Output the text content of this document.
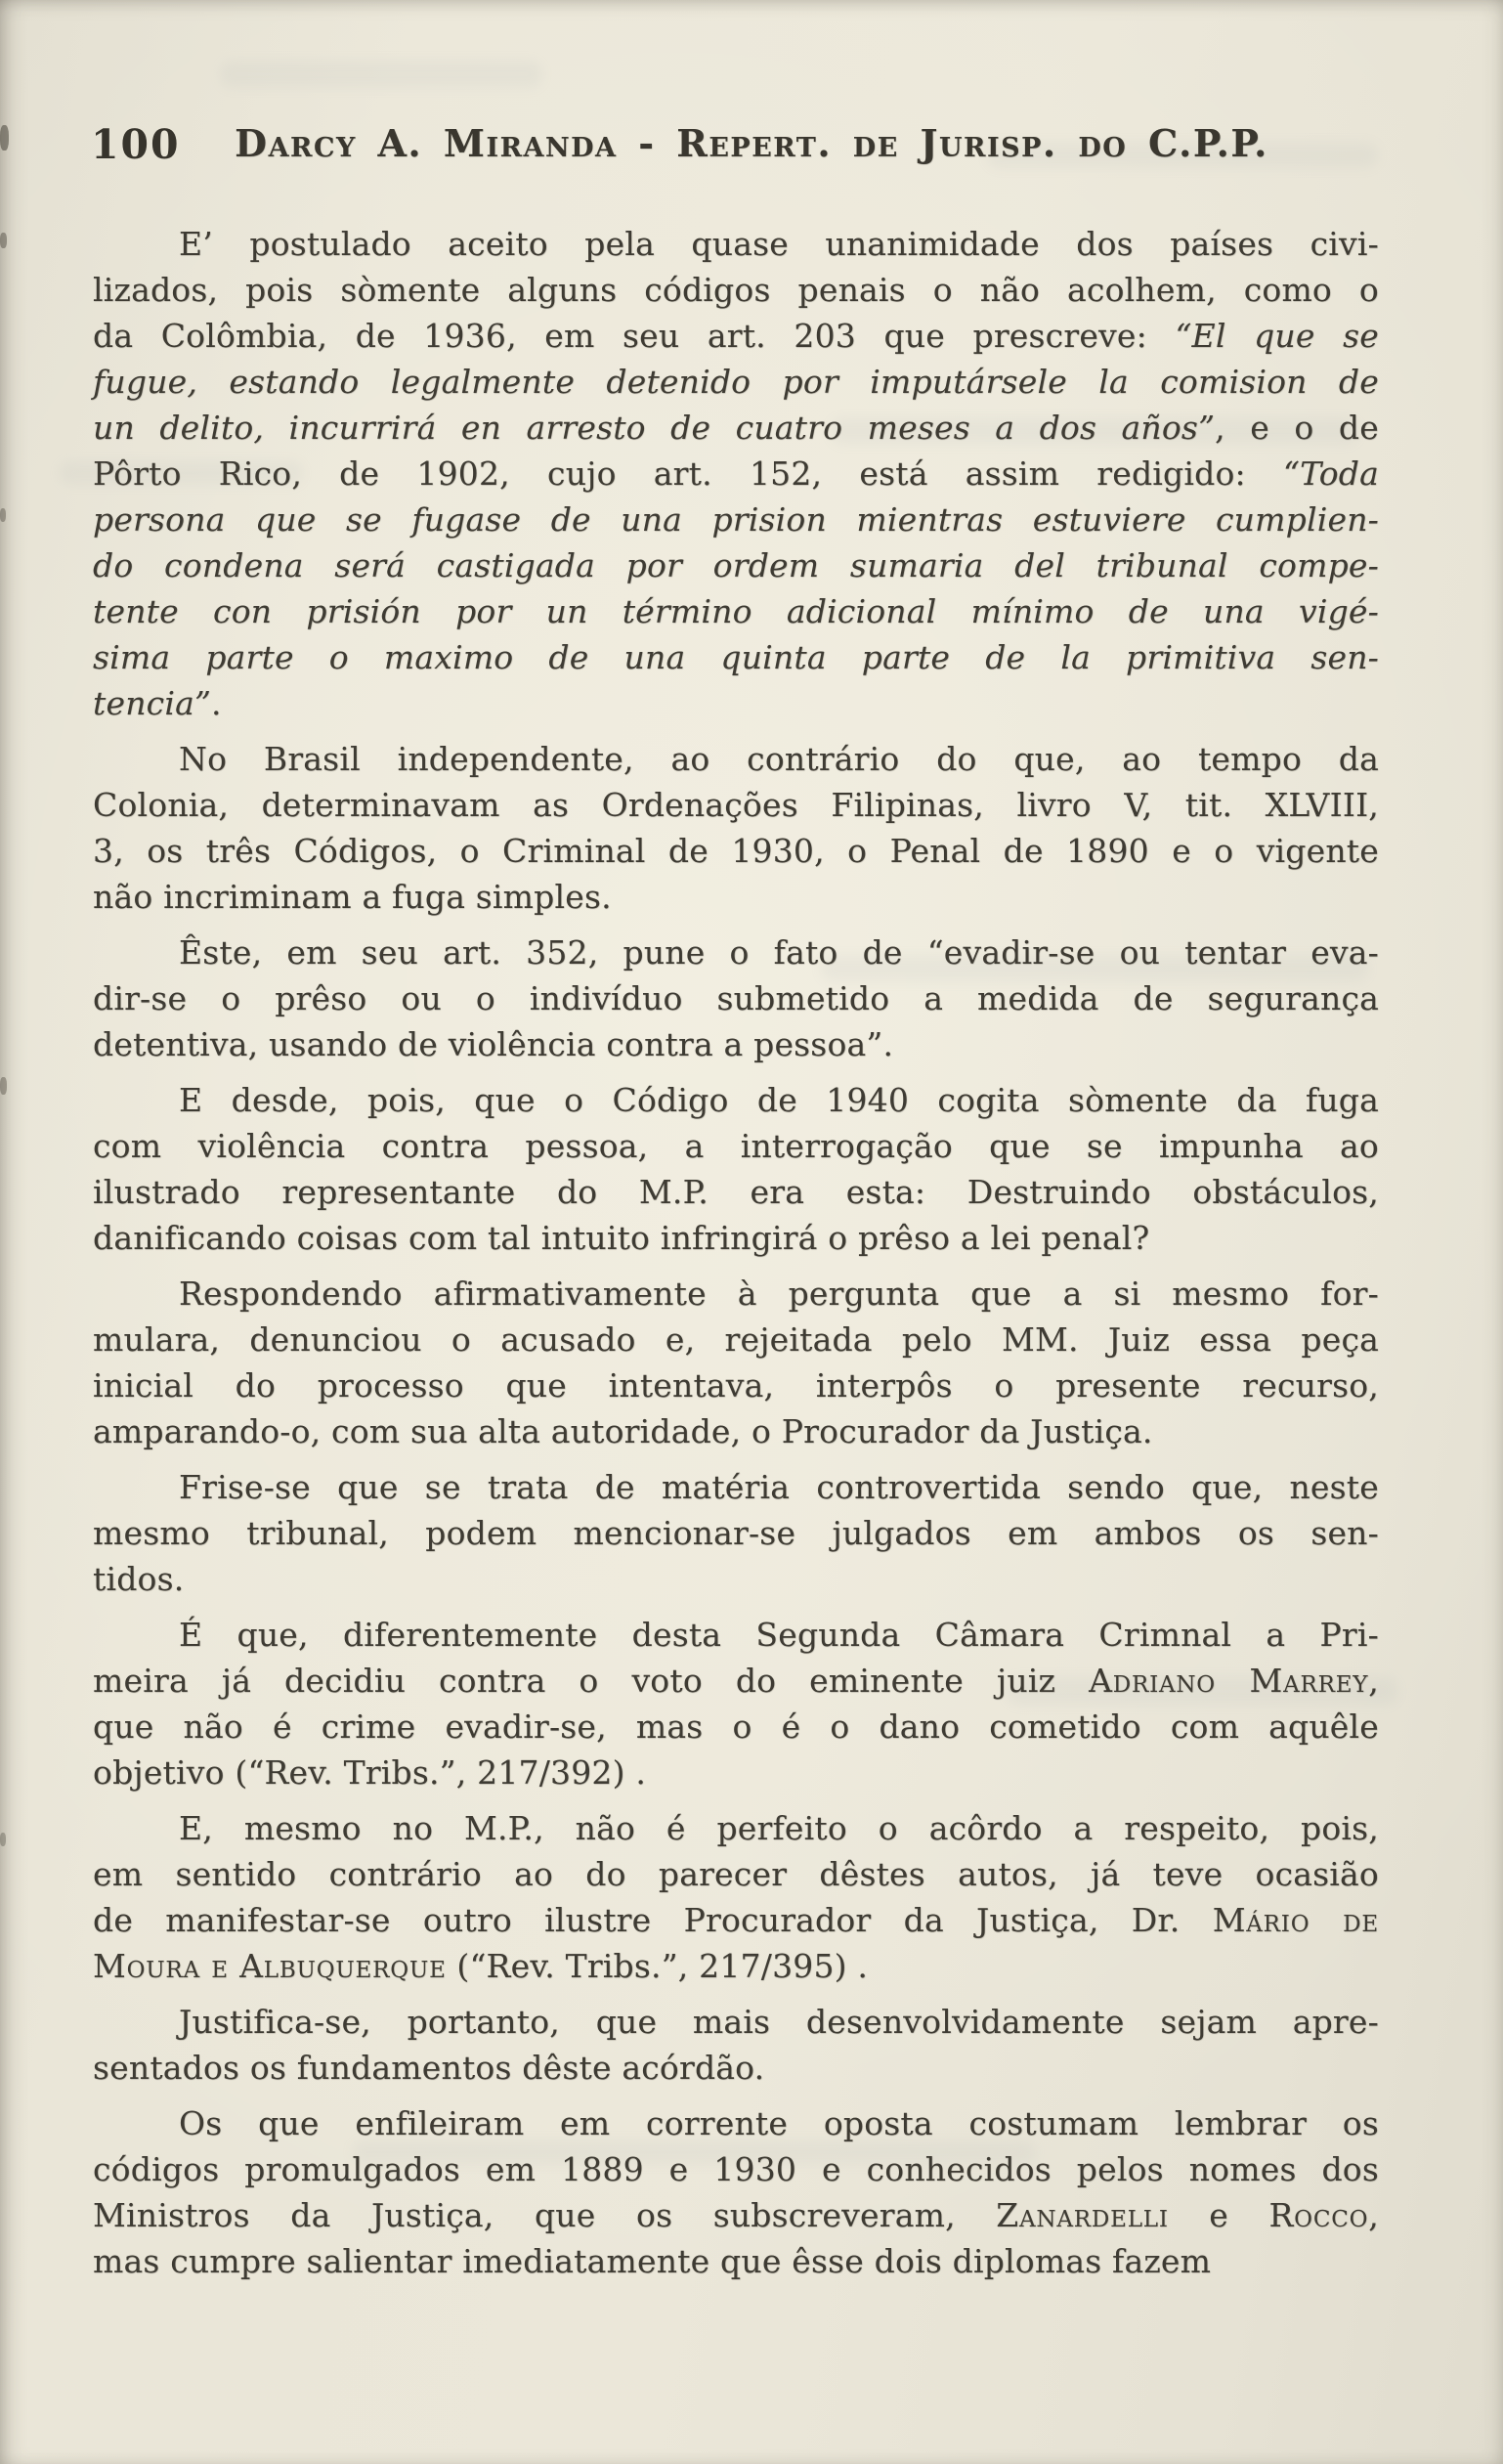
100	Darcy A. Miranda - Repert. de Jurisp. do C.P.P.
E’ postulado aceito pela quase unanimidade dos países civi-
lizados, pois sòmente alguns códigos penais o não acolhem, como o
da Colômbia, de 1936, em seu art. 203 que prescreve: “El que se
fugue, estando legalmente detenido por imputársele la comision de
un delito, incurrirá en arresto de cuatro meses a dos años”, e o de
Pôrto Rico, de 1902, cujo art. 152, está assim redigido: “Toda
persona que se fugase de una prision mientras estuviere cumplien-
do condena será castigada por ordem sumaria del tribunal compe-
tente con prisión por un término adicional mínimo de una vigé-
sima parte o maximo de una quinta parte de la primitiva sen-
tencia”.
No Brasil independente, ao contrário do que, ao tempo da
Colonia, determinavam as Ordenações Filipinas, livro V, tit. XLVIII,
3, os três Códigos, o Criminal de 1930, o Penal de 1890 e o vigente
não incriminam a fuga simples.
Êste, em seu art. 352, pune o fato de “evadir-se ou tentar eva-
dir-se o prêso ou o indivíduo submetido a medida de segurança
detentiva, usando de violência contra a pessoa”.
E desde, pois, que o Código de 1940 cogita sòmente da fuga
com violência contra pessoa, a interrogação que se impunha ao
ilustrado representante do M.P. era esta: Destruindo obstáculos,
danificando coisas com tal intuito infringirá o prêso a lei penal?
Respondendo afirmativamente à pergunta que a si mesmo for-
mulara, denunciou o acusado e, rejeitada pelo MM. Juiz essa peça
inicial do processo que intentava, interpôs o presente recurso,
amparando-o, com sua alta autoridade, o Procurador da Justiça.
Frise-se que se trata de matéria controvertida sendo que, neste
mesmo tribunal, podem mencionar-se julgados em ambos os sen-
tidos.
É que, diferentemente desta Segunda Câmara Crimnal a Pri-
meira já decidiu contra o voto do eminente juiz Adriano Marrey,
que não é crime evadir-se, mas o é o dano cometido com aquêle
objetivo (“Rev. Tribs.”, 217/392) .
E, mesmo no M.P., não é perfeito o acôrdo a respeito, pois,
em sentido contrário ao do parecer dêstes autos, já teve ocasião
de manifestar-se outro ilustre Procurador da Justiça, Dr. Mário de
Moura e Albuquerque (“Rev. Tribs.”, 217/395) .
Justifica-se, portanto, que mais desenvolvidamente sejam apre-
sentados os fundamentos dêste acórdão.
Os que enfileiram em corrente oposta costumam lembrar os
códigos promulgados em 1889 e 1930 e conhecidos pelos nomes dos
Ministros da Justiça, que os subscreveram, Zanardelli e Rocco,
mas cumpre salientar imediatamente que êsse dois diplomas fazem
